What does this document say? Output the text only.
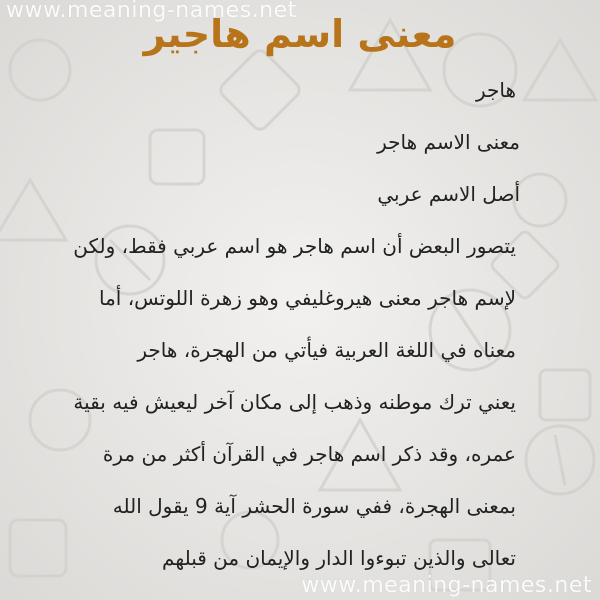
www.meaning-names.net
معنى اسم هاجير
هاجر
معنى الاسم هاجر
أصل الاسم عربي
يتصور البعض أن اسم هاجر هو اسم عربي فقط، ولكن
لإسم هاجر معنى هيروغليفي وهو زهرة اللوتس، أما
معناه في اللغة العربية فيأتي من الهجرة، هاجر
يعني ترك موطنه وذهب إلى مكان آخر ليعيش فيه بقية
عمره، وقد ذكر اسم هاجر في القرآن أكثر من مرة
بمعنى الهجرة، ففي سورة الحشر آية 9 يقول الله
تعالى والذين تبوءوا الدار والإيمان من قبلهم
www.meaning-names.net
